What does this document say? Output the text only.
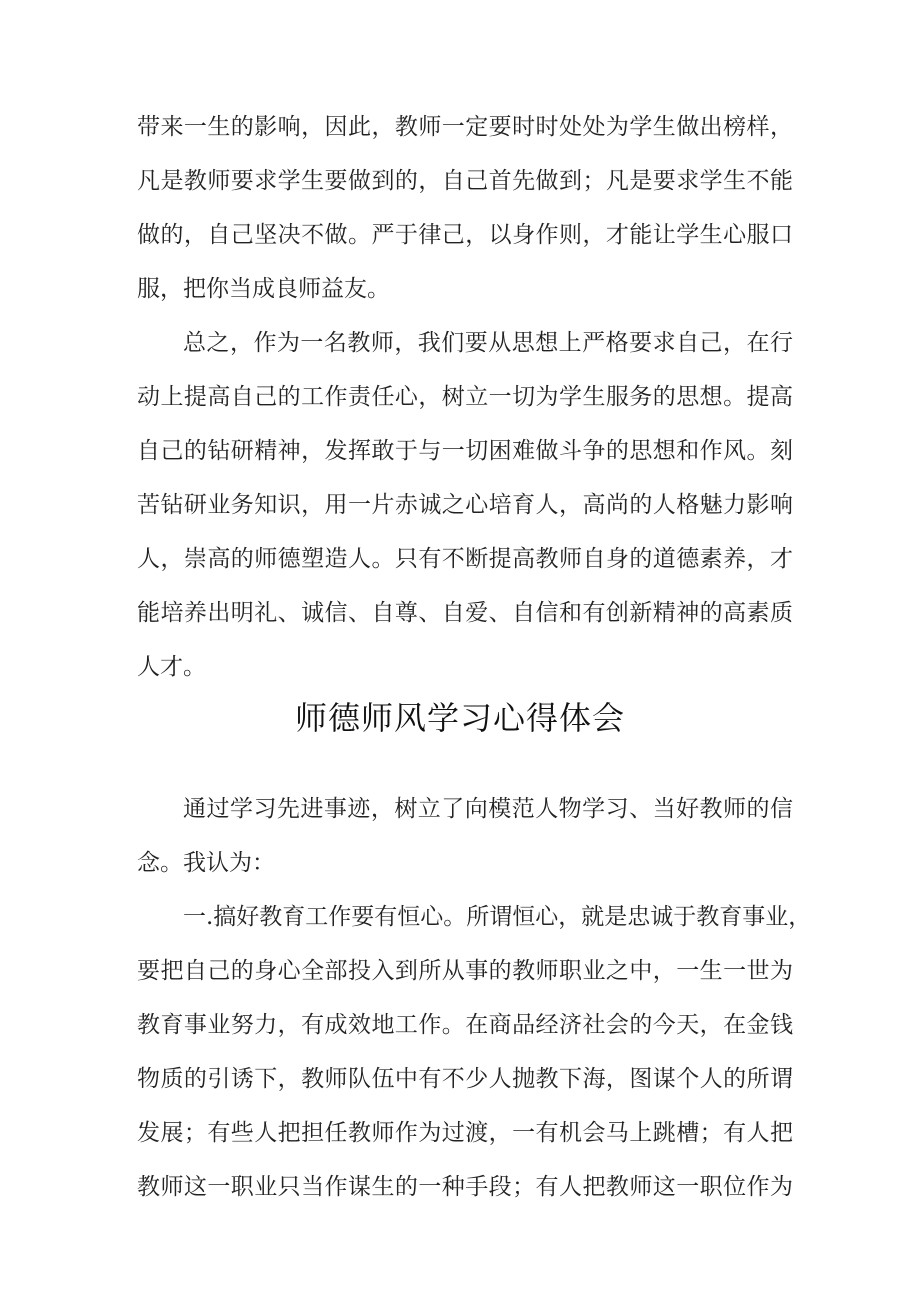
带来一生的影响，因此，教师一定要时时处处为学生做出榜样，
凡是教师要求学生要做到的，自己首先做到；凡是要求学生不能
做的，自己坚决不做。严于律己，以身作则，才能让学生心服口
服，把你当成良师益友。
总之，作为一名教师，我们要从思想上严格要求自己，在行
动上提高自己的工作责任心，树立一切为学生服务的思想。提高
自己的钻研精神，发挥敢于与一切困难做斗争的思想和作风。刻
苦钻研业务知识，用一片赤诚之心培育人，高尚的人格魅力影响
人，崇高的师德塑造人。只有不断提高教师自身的道德素养，才
能培养出明礼、诚信、自尊、自爱、自信和有创新精神的高素质
人才。
师德师风学习心得体会
通过学习先进事迹，树立了向模范人物学习、当好教师的信
念。我认为：
一.搞好教育工作要有恒心。所谓恒心，就是忠诚于教育事业，
要把自己的身心全部投入到所从事的教师职业之中，一生一世为
教育事业努力，有成效地工作。在商品经济社会的今天，在金钱
物质的引诱下，教师队伍中有不少人抛教下海，图谋个人的所谓
发展；有些人把担任教师作为过渡，一有机会马上跳槽；有人把
教师这一职业只当作谋生的一种手段；有人把教师这一职位作为
